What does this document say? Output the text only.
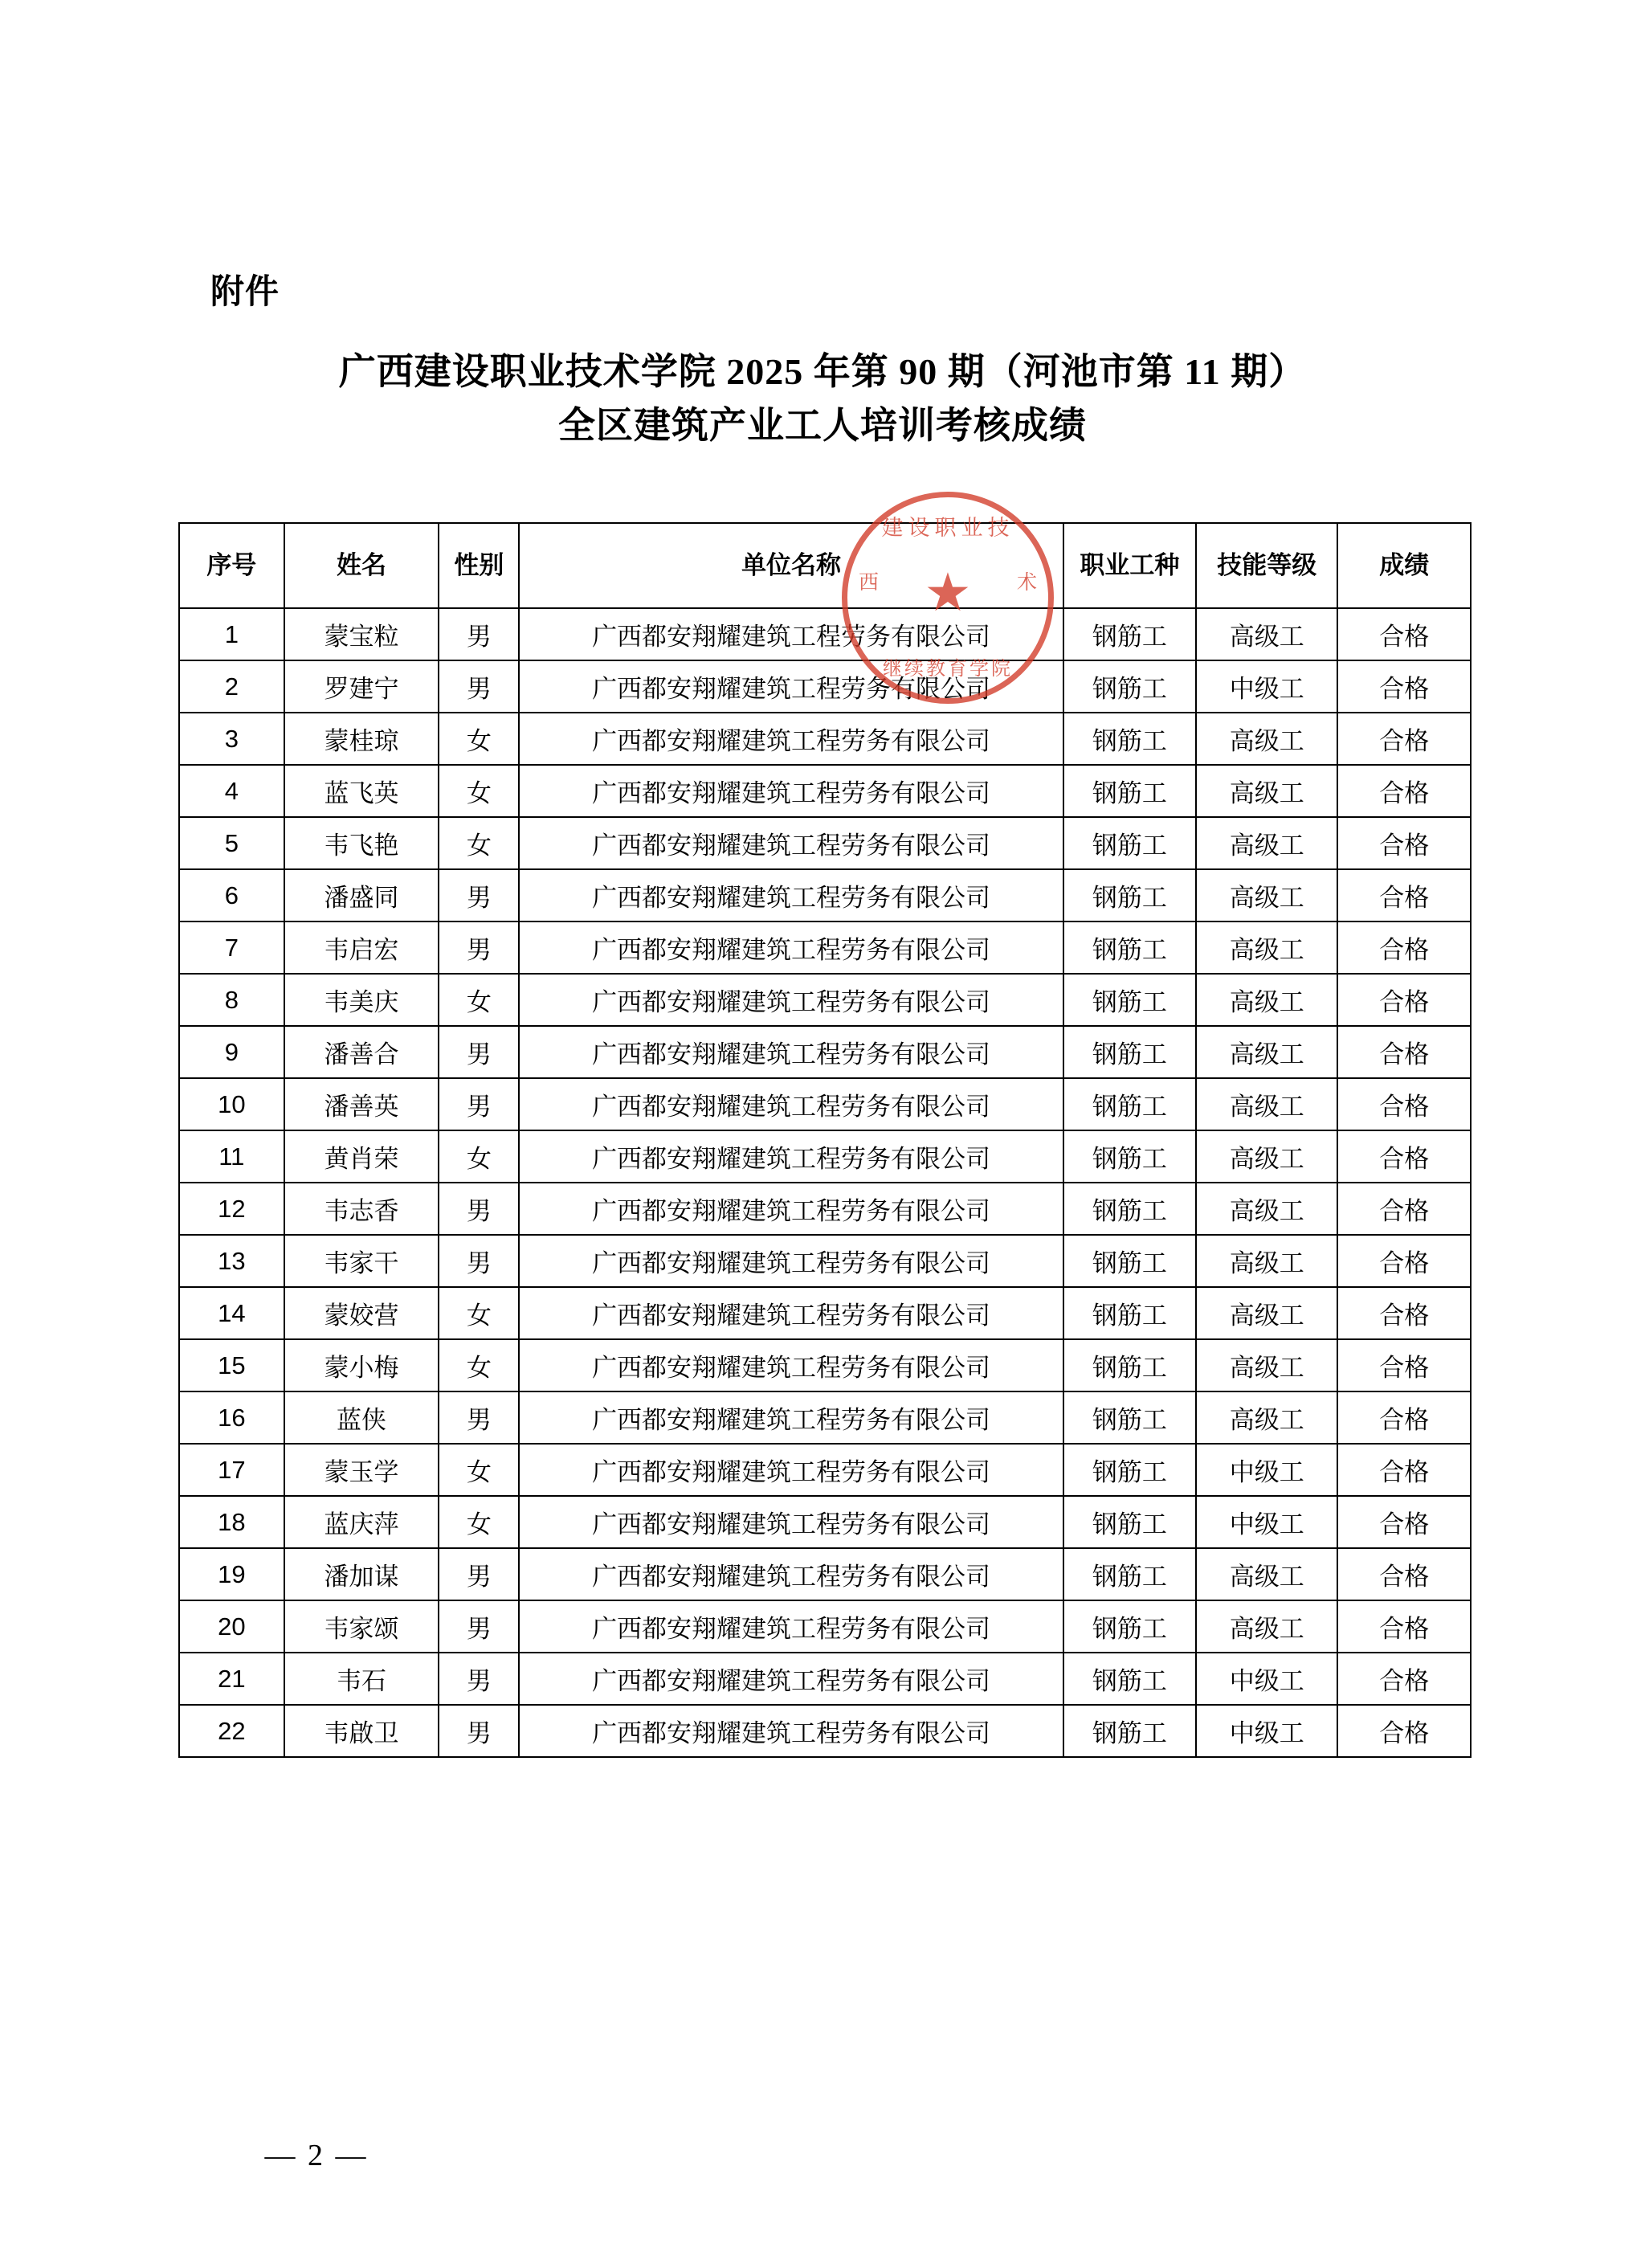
附件
广西建设职业技术学院 2025 年第 90 期（河池市第 11 期）
全区建筑产业工人培训考核成绩
序号	姓名	性别	单位名称	职业工种	技能等级	成绩
1	蒙宝粒	男	广西都安翔耀建筑工程劳务有限公司	钢筋工	高级工	合格
2	罗建宁	男	广西都安翔耀建筑工程劳务有限公司	钢筋工	中级工	合格
3	蒙桂琼	女	广西都安翔耀建筑工程劳务有限公司	钢筋工	高级工	合格
4	蓝飞英	女	广西都安翔耀建筑工程劳务有限公司	钢筋工	高级工	合格
5	韦飞艳	女	广西都安翔耀建筑工程劳务有限公司	钢筋工	高级工	合格
6	潘盛同	男	广西都安翔耀建筑工程劳务有限公司	钢筋工	高级工	合格
7	韦启宏	男	广西都安翔耀建筑工程劳务有限公司	钢筋工	高级工	合格
8	韦美庆	女	广西都安翔耀建筑工程劳务有限公司	钢筋工	高级工	合格
9	潘善合	男	广西都安翔耀建筑工程劳务有限公司	钢筋工	高级工	合格
10	潘善英	男	广西都安翔耀建筑工程劳务有限公司	钢筋工	高级工	合格
11	黄肖荣	女	广西都安翔耀建筑工程劳务有限公司	钢筋工	高级工	合格
12	韦志香	男	广西都安翔耀建筑工程劳务有限公司	钢筋工	高级工	合格
13	韦家干	男	广西都安翔耀建筑工程劳务有限公司	钢筋工	高级工	合格
14	蒙姣营	女	广西都安翔耀建筑工程劳务有限公司	钢筋工	高级工	合格
15	蒙小梅	女	广西都安翔耀建筑工程劳务有限公司	钢筋工	高级工	合格
16	蓝侠	男	广西都安翔耀建筑工程劳务有限公司	钢筋工	高级工	合格
17	蒙玉学	女	广西都安翔耀建筑工程劳务有限公司	钢筋工	中级工	合格
18	蓝庆萍	女	广西都安翔耀建筑工程劳务有限公司	钢筋工	中级工	合格
19	潘加谋	男	广西都安翔耀建筑工程劳务有限公司	钢筋工	高级工	合格
20	韦家颂	男	广西都安翔耀建筑工程劳务有限公司	钢筋工	高级工	合格
21	韦石	男	广西都安翔耀建筑工程劳务有限公司	钢筋工	中级工	合格
22	韦啟卫	男	广西都安翔耀建筑工程劳务有限公司	钢筋工	中级工	合格
建设职业技
西	术
★
继续教育学院
— 2 —
